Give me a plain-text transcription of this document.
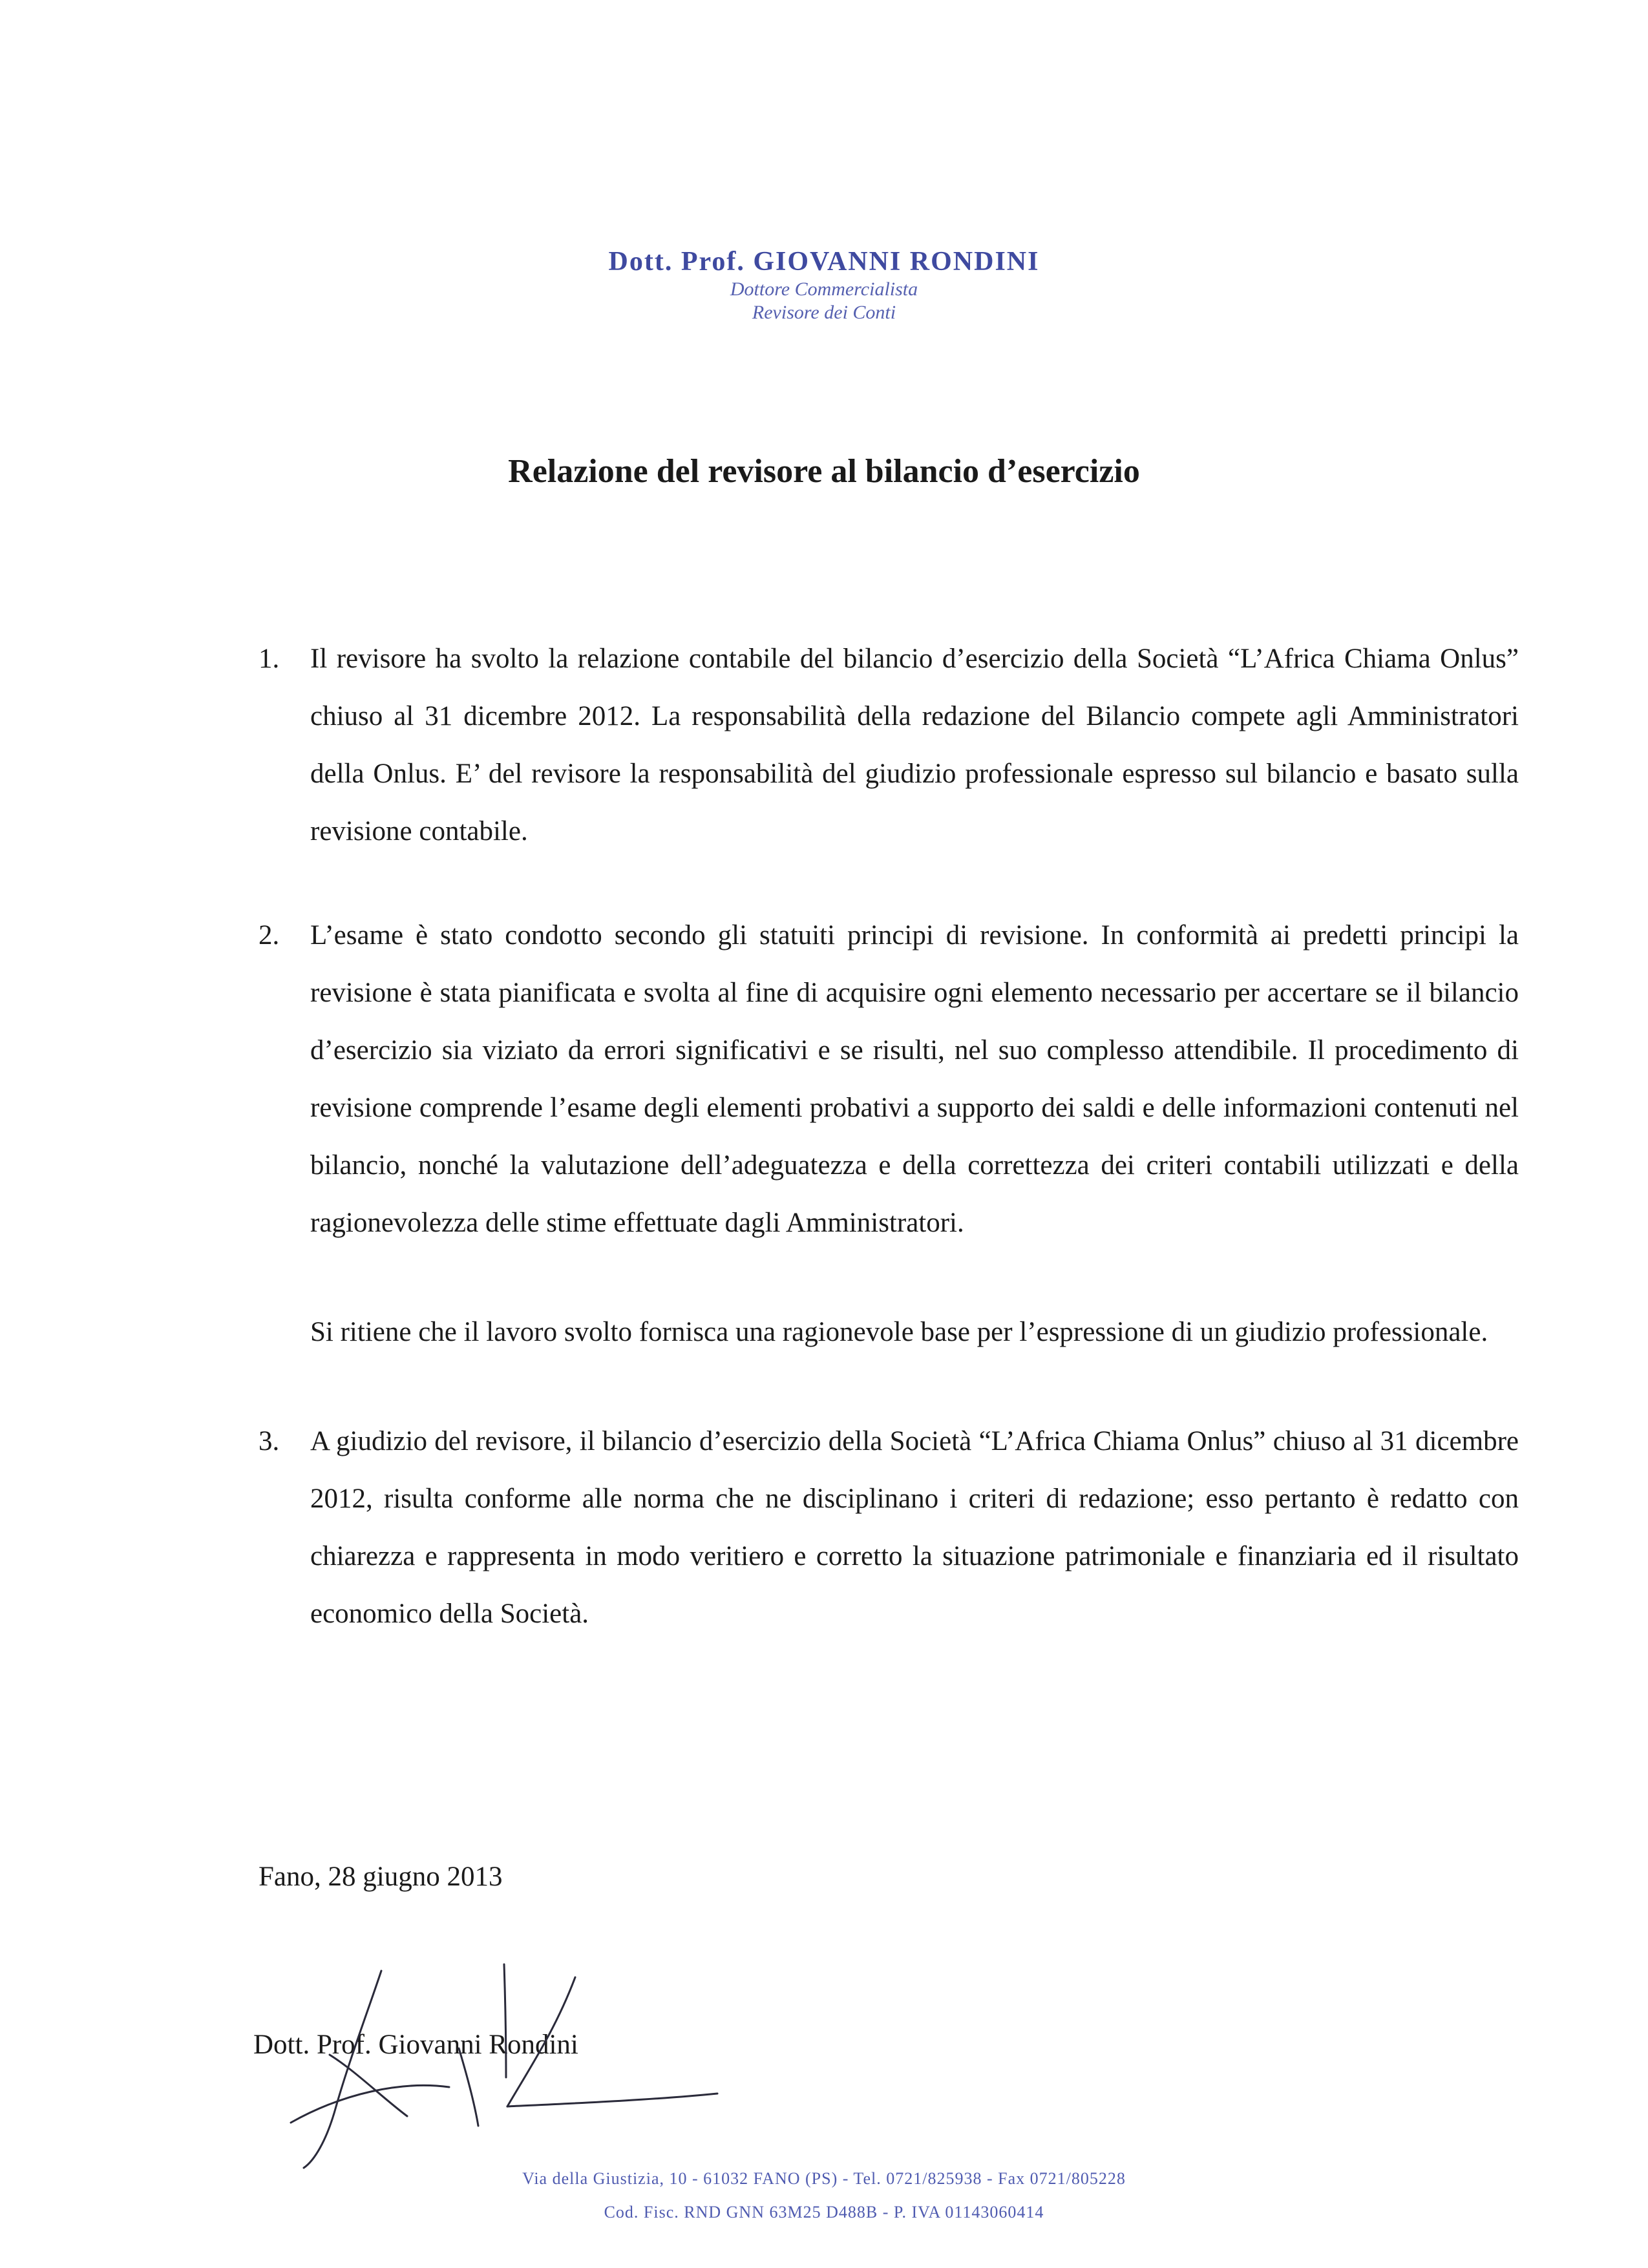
Dott. Prof. GIOVANNI RONDINI

Dottore Commercialista

Revisore dei Conti

Relazione del revisore al bilancio d’esercizio
1.	Il revisore ha svolto la relazione contabile del bilancio d’esercizio della Società “L’Africa Chiama Onlus” chiuso al 31 dicembre 2012. La responsabilità della redazione del Bilancio compete agli Amministratori della Onlus. E’ del revisore la responsabilità del giudizio professionale espresso sul bilancio e basato sulla revisione contabile.
2.	L’esame è stato condotto secondo gli statuiti principi di revisione. In conformità ai predetti principi la revisione è stata pianificata e svolta al fine di acquisire ogni elemento necessario per accertare se il bilancio d’esercizio sia viziato da errori significativi e se risulti, nel suo complesso attendibile. Il procedimento di revisione comprende l’esame degli elementi probativi a supporto dei saldi e delle informazioni contenuti nel bilancio, nonché la valutazione dell’adeguatezza e della correttezza dei criteri contabili utilizzati e della ragionevolezza delle stime effettuate dagli Amministratori.

Si ritiene che il lavoro svolto fornisca una ragionevole base per l’espressione di un giudizio professionale.

3.	A giudizio del revisore, il bilancio d’esercizio della Società “L’Africa Chiama Onlus” chiuso al 31 dicembre 2012, risulta conforme alle norma che ne disciplinano i criteri di redazione; esso pertanto è redatto con chiarezza e rappresenta in modo veritiero e corretto la situazione patrimoniale e finanziaria ed il risultato economico della Società.

Fano, 28 giugno 2013

Dott. Prof. Giovanni Rondini

Via della Giustizia, 10 - 61032 FANO (PS) - Tel. 0721/825938 - Fax 0721/805228

Cod. Fisc. RND GNN 63M25 D488B - P. IVA 01143060414
